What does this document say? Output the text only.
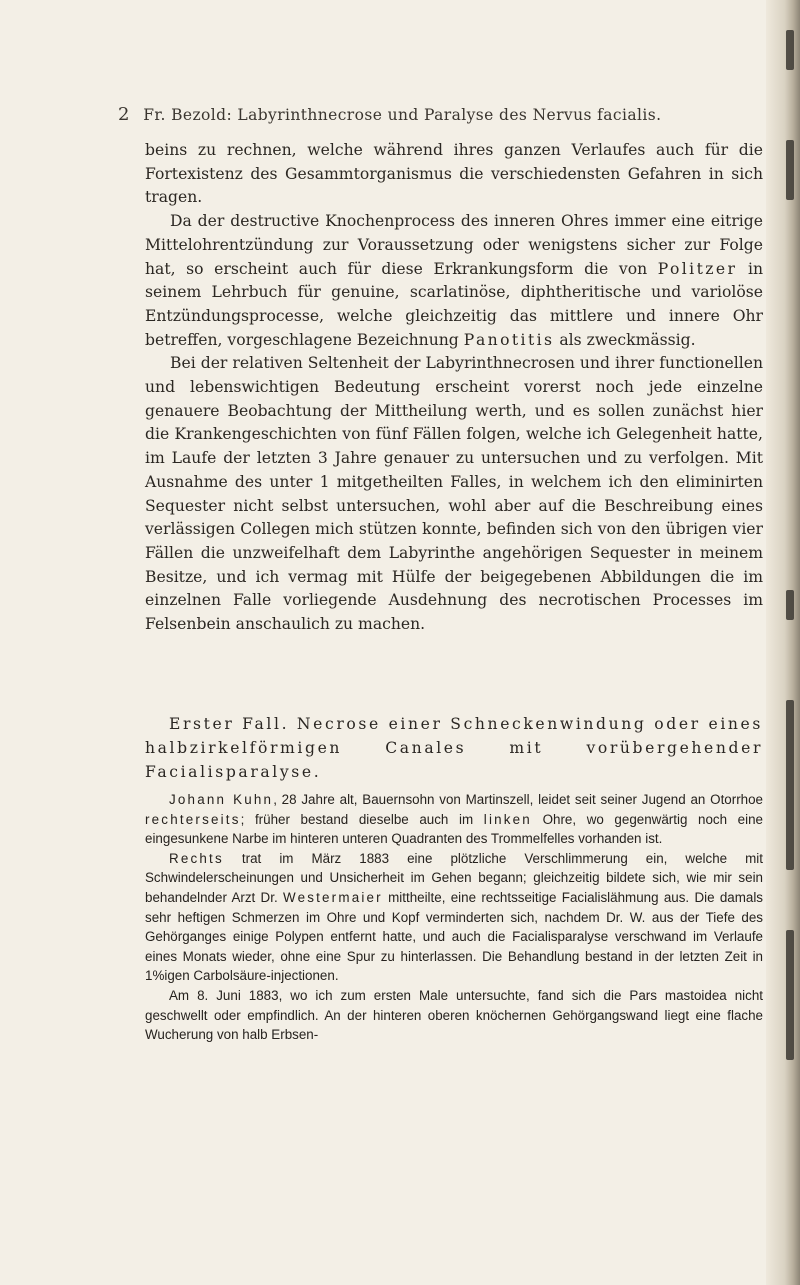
2 Fr. Bezold: Labyrinthnecrose und Paralyse des Nervus facialis.

beins zu rechnen, welche während ihres ganzen Verlaufes auch für die Fortexistenz des Gesammtorganismus die verschiedensten Gefahren in sich tragen.

Da der destructive Knochenprocess des inneren Ohres immer eine eitrige Mittelohrentzündung zur Voraussetzung oder wenigstens sicher zur Folge hat, so erscheint auch für diese Erkrankungsform die von Politzer in seinem Lehrbuch für genuine, scarlatinöse, diphtheritische und variolöse Entzündungsprocesse, welche gleichzeitig das mittlere und innere Ohr betreffen, vorgeschlagene Bezeichnung Panotitis als zweckmässig.

Bei der relativen Seltenheit der Labyrinthnecrosen und ihrer functionellen und lebenswichtigen Bedeutung erscheint vorerst noch jede einzelne genauere Beobachtung der Mittheilung werth, und es sollen zunächst hier die Krankengeschichten von fünf Fällen folgen, welche ich Gelegenheit hatte, im Laufe der letzten 3 Jahre genauer zu untersuchen und zu verfolgen. Mit Ausnahme des unter 1 mitgetheilten Falles, in welchem ich den eliminirten Sequester nicht selbst untersuchen, wohl aber auf die Beschreibung eines verlässigen Collegen mich stützen konnte, befinden sich von den übrigen vier Fällen die unzweifelhaft dem Labyrinthe angehörigen Sequester in meinem Besitze, und ich vermag mit Hülfe der beigegebenen Abbildungen die im einzelnen Falle vorliegende Ausdehnung des necrotischen Processes im Felsenbein anschaulich zu machen.

Erster Fall. Necrose einer Schneckenwindung oder eines halbzirkelförmigen Canales mit vorübergehender Facialisparalyse.

Johann Kuhn, 28 Jahre alt, Bauernsohn von Martinszell, leidet seit seiner Jugend an Otorrhoe rechterseits; früher bestand dieselbe auch im linken Ohre, wo gegenwärtig noch eine eingesunkene Narbe im hinteren unteren Quadranten des Trommelfelles vorhanden ist.

Rechts trat im März 1883 eine plötzliche Verschlimmerung ein, welche mit Schwindelerscheinungen und Unsicherheit im Gehen begann; gleichzeitig bildete sich, wie mir sein behandelnder Arzt Dr. Westermaier mittheilte, eine rechtsseitige Facialislähmung aus. Die damals sehr heftigen Schmerzen im Ohre und Kopf verminderten sich, nachdem Dr. W. aus der Tiefe des Gehörganges einige Polypen entfernt hatte, und auch die Facialisparalyse verschwand im Verlaufe eines Monats wieder, ohne eine Spur zu hinterlassen. Die Behandlung bestand in der letzten Zeit in 1%igen Carbolsäure-injectionen.

Am 8. Juni 1883, wo ich zum ersten Male untersuchte, fand sich die Pars mastoidea nicht geschwellt oder empfindlich. An der hinteren oberen knöchernen Gehörgangswand liegt eine flache Wucherung von halb Erbsen-
